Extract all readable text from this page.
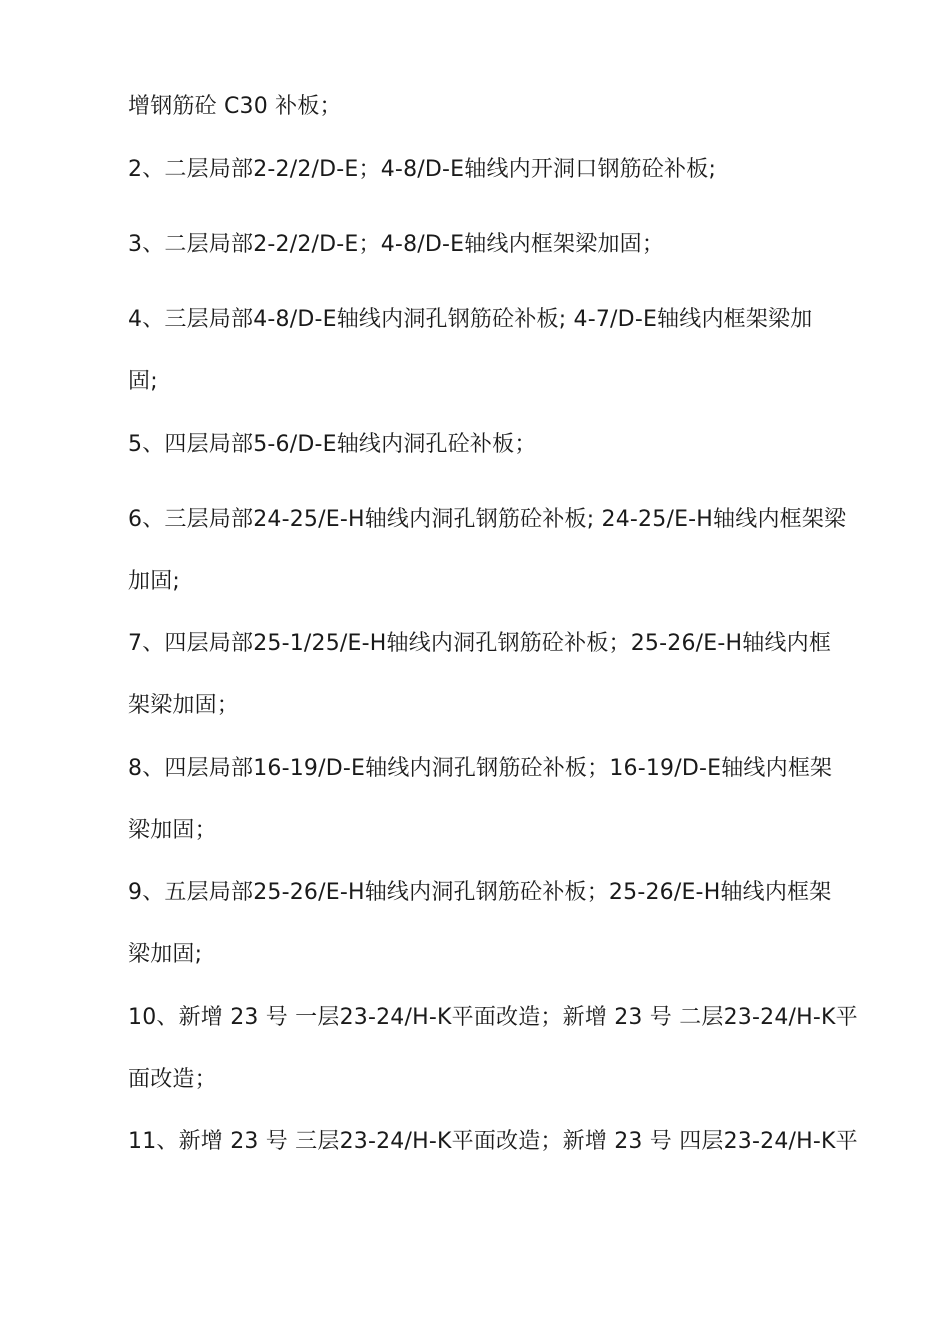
增钢筋砼 C30 补板；
2、二层局部2-2/2/D-E；4-8/D-E轴线内开洞口钢筋砼补板;
3、二层局部2-2/2/D-E；4-8/D-E轴线内框架梁加固；
4、三层局部4-8/D-E轴线内洞孔钢筋砼补板; 4-7/D-E轴线内框架梁加
固;
5、四层局部5-6/D-E轴线内洞孔砼补板；
6、三层局部24-25/E-H轴线内洞孔钢筋砼补板; 24-25/E-H轴线内框架梁
加固;
7、四层局部25-1/25/E-H轴线内洞孔钢筋砼补板；25-26/E-H轴线内框
架梁加固；
8、四层局部16-19/D-E轴线内洞孔钢筋砼补板；16-19/D-E轴线内框架
梁加固；
9、五层局部25-26/E-H轴线内洞孔钢筋砼补板；25-26/E-H轴线内框架
梁加固;
10、新增 23 号 一层23-24/H-K平面改造；新增 23 号 二层23-24/H-K平
面改造；
11、新增 23 号 三层23-24/H-K平面改造；新增 23 号 四层23-24/H-K平
